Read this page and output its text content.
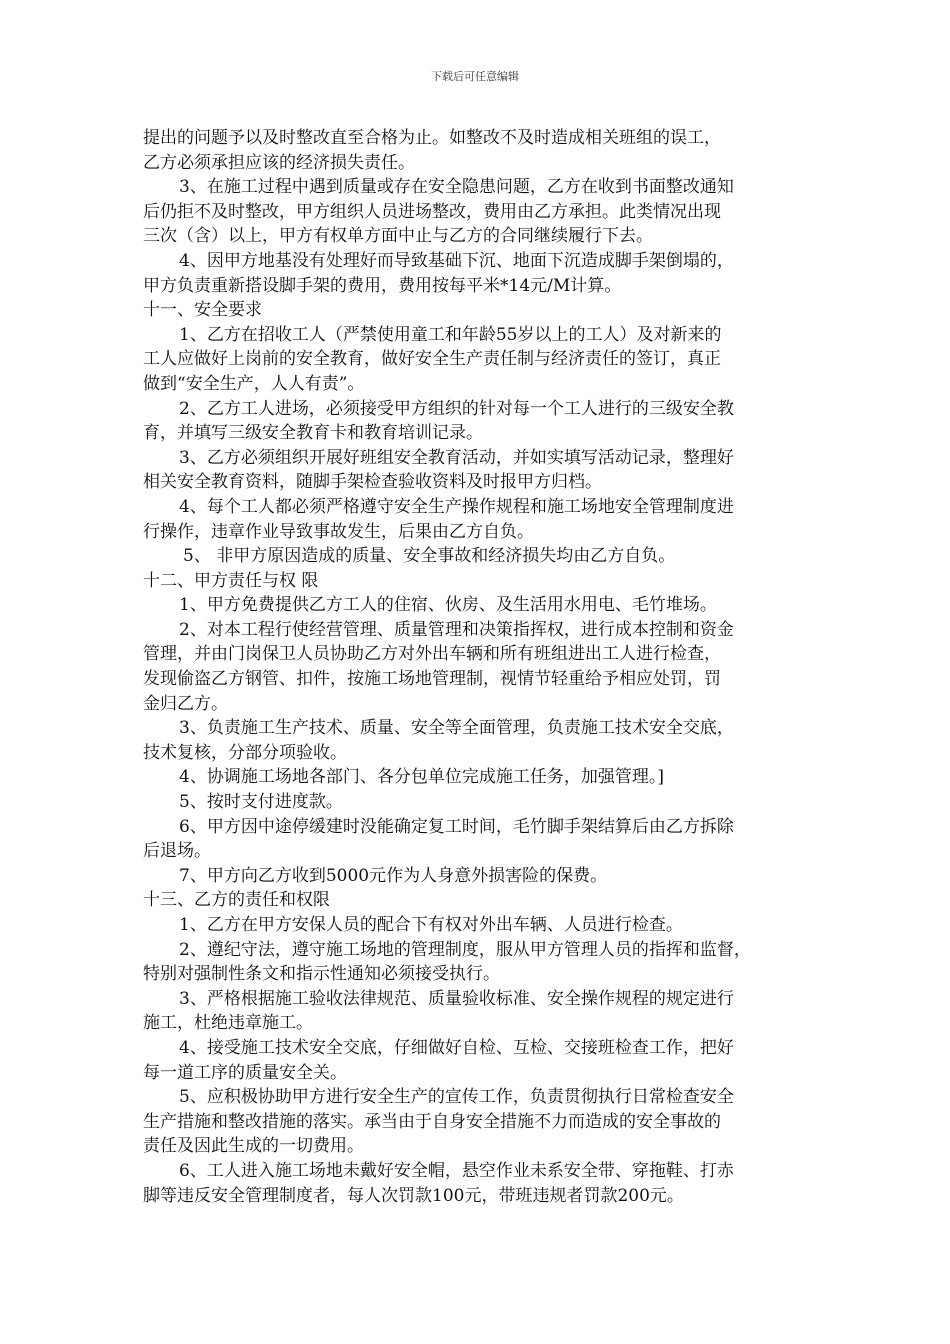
下载后可任意编辑
提出的问题予以及时整改直至合格为止。如整改不及时造成相关班组的误工，
乙方必须承担应该的经济损失责任。
3、在施工过程中遇到质量或存在安全隐患问题，乙方在收到书面整改通知
后仍拒不及时整改，甲方组织人员进场整改，费用由乙方承担。此类情况出现
三次（含）以上，甲方有权单方面中止与乙方的合同继续履行下去。
4、因甲方地基没有处理好而导致基础下沉、地面下沉造成脚手架倒塌的，
甲方负责重新搭设脚手架的费用，费用按每平米*14元/M计算。
十一、安全要求
1、乙方在招收工人（严禁使用童工和年龄55岁以上的工人）及对新来的
工人应做好上岗前的安全教育，做好安全生产责任制与经济责任的签订，真正
做到“安全生产，人人有责”。
2、乙方工人进场，必须接受甲方组织的针对每一个工人进行的三级安全教
育，并填写三级安全教育卡和教育培训记录。
3、乙方必须组织开展好班组安全教育活动，并如实填写活动记录，整理好
相关安全教育资料，随脚手架检查验收资料及时报甲方归档。
4、每个工人都必须严格遵守安全生产操作规程和施工场地安全管理制度进
行操作，违章作业导致事故发生，后果由乙方自负。
5、 非甲方原因造成的质量、安全事故和经济损失均由乙方自负。
十二、甲方责任与权 限
1、甲方免费提供乙方工人的住宿、伙房、及生活用水用电、毛竹堆场。
2、对本工程行使经营管理、质量管理和决策指挥权，进行成本控制和资金
管理，并由门岗保卫人员协助乙方对外出车辆和所有班组进出工人进行检查，
发现偷盗乙方钢管、扣件，按施工场地管理制，视情节轻重给予相应处罚，罚
金归乙方。
3、负责施工生产技术、质量、安全等全面管理，负责施工技术安全交底，
技术复核，分部分项验收。
4、协调施工场地各部门、各分包单位完成施工任务，加强管理。]
5、按时支付进度款。
6、甲方因中途停缓建时没能确定复工时间，毛竹脚手架结算后由乙方拆除
后退场。
7、甲方向乙方收到5000元作为人身意外损害险的保费。
十三、乙方的责任和权限
1、乙方在甲方安保人员的配合下有权对外出车辆、人员进行检查。
2、遵纪守法，遵守施工场地的管理制度，服从甲方管理人员的指挥和监督，
特别对强制性条文和指示性通知必须接受执行。
3、严格根据施工验收法律规范、质量验收标准、安全操作规程的规定进行
施工，杜绝违章施工。
4、接受施工技术安全交底，仔细做好自检、互检、交接班检查工作，把好
每一道工序的质量安全关。
5、应积极协助甲方进行安全生产的宣传工作，负责贯彻执行日常检查安全
生产措施和整改措施的落实。承当由于自身安全措施不力而造成的安全事故的
责任及因此生成的一切费用。
6、工人进入施工场地未戴好安全帽，悬空作业未系安全带、穿拖鞋、打赤
脚等违反安全管理制度者，每人次罚款100元，带班违规者罚款200元。
